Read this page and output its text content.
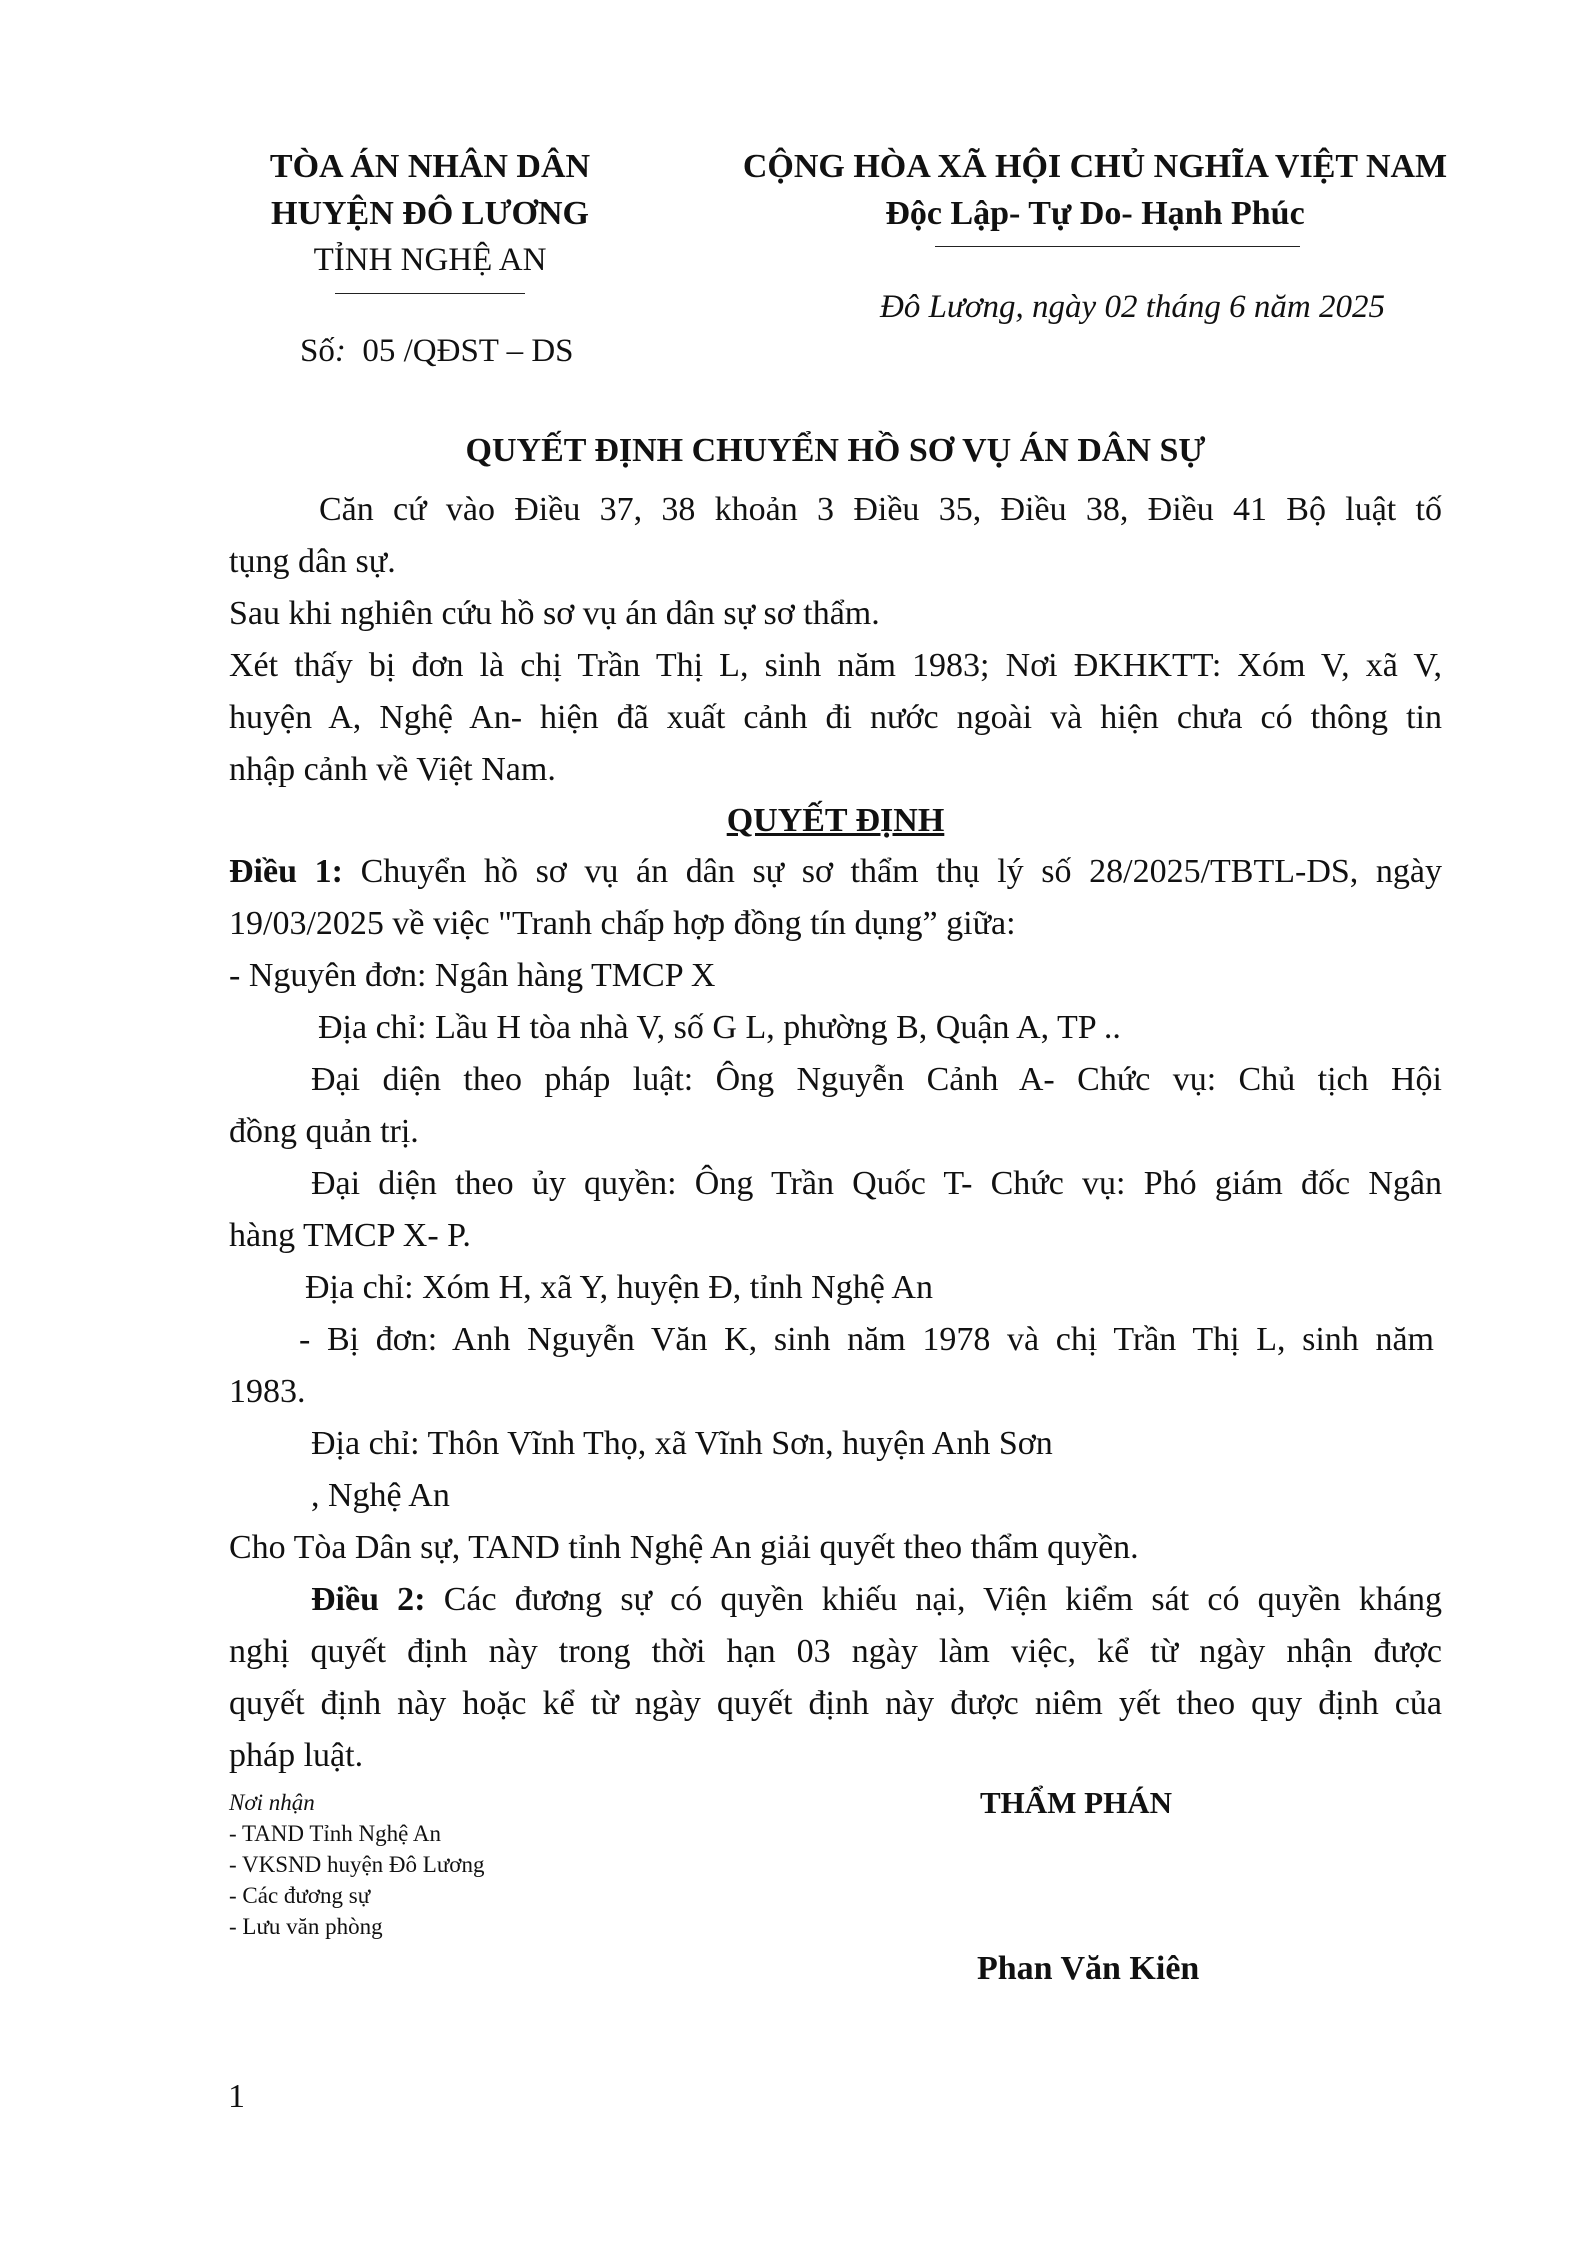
TÒA ÁN NHÂN DÂN
HUYỆN ĐÔ LƯƠNG
TỈNH NGHỆ AN
Số: 05 /QĐST – DS
CỘNG HÒA XÃ HỘI CHỦ NGHĨA VIỆT NAM
Độc Lập- Tự Do- Hạnh Phúc
Đô Lương, ngày 02 tháng 6 năm 2025
QUYẾT ĐỊNH CHUYỂN HỒ SƠ VỤ ÁN DÂN SỰ
Căn cứ vào Điều 37, 38 khoản 3 Điều 35, Điều 38, Điều 41 Bộ luật tố
tụng dân sự.
Sau khi nghiên cứu hồ sơ vụ án dân sự sơ thẩm.
Xét thấy bị đơn là chị Trần Thị L, sinh năm 1983; Nơi ĐKHKTT: Xóm V, xã V,
huyện A, Nghệ An- hiện đã xuất cảnh đi nước ngoài và hiện chưa có thông tin
nhập cảnh về Việt Nam.
QUYẾT ĐỊNH
Điều 1: Chuyển hồ sơ vụ án dân sự sơ thẩm thụ lý số 28/2025/TBTL-DS, ngày
19/03/2025 về việc "Tranh chấp hợp đồng tín dụng” giữa:
- Nguyên đơn: Ngân hàng TMCP X
Địa chỉ: Lầu H tòa nhà V, số G L, phường B, Quận A, TP ..
Đại diện theo pháp luật: Ông Nguyễn Cảnh A- Chức vụ: Chủ tịch Hội
đồng quản trị.
Đại diện theo ủy quyền: Ông Trần Quốc T- Chức vụ: Phó giám đốc Ngân
hàng TMCP X- P.
Địa chỉ: Xóm H, xã Y, huyện Đ, tỉnh Nghệ An
- Bị đơn: Anh Nguyễn Văn K, sinh năm 1978 và chị Trần Thị L, sinh năm
1983.
Địa chỉ: Thôn Vĩnh Thọ, xã Vĩnh Sơn, huyện Anh Sơn
, Nghệ An
Cho Tòa Dân sự, TAND tỉnh Nghệ An giải quyết theo thẩm quyền.
Điều 2: Các đương sự có quyền khiếu nại, Viện kiểm sát có quyền kháng
nghị quyết định này trong thời hạn 03 ngày làm việc, kể từ ngày nhận được
quyết định này hoặc kể từ ngày quyết định này được niêm yết theo quy định của
pháp luật.
Nơi nhận
- TAND Tỉnh Nghệ An
- VKSND huyện Đô Lương
- Các đương sự
- Lưu văn phòng
THẨM PHÁN
Phan Văn Kiên
1
